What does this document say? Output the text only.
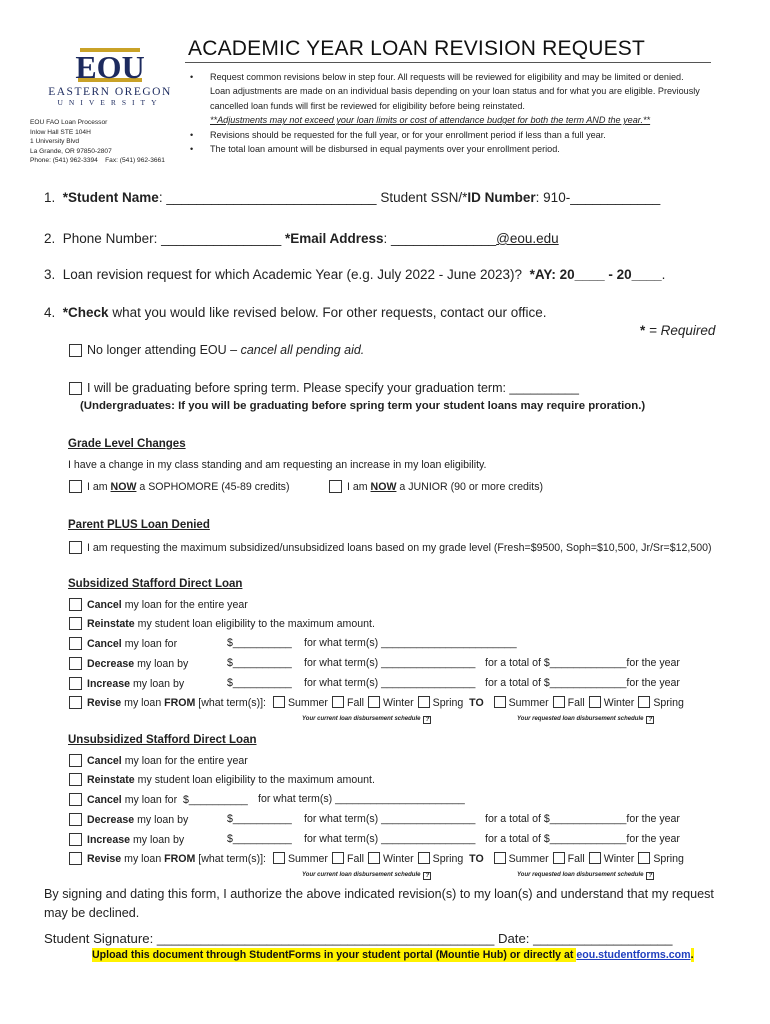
EOU
EASTERN OREGON
UNIVERSITY
EOU FAO Loan Processor
Inlow Hall STE 104H
1 University Blvd
La Grande, OR 97850-2807
Phone: (541) 962-3394    Fax: (541) 962-3661
ACADEMIC YEAR LOAN REVISION REQUEST
• Request common revisions below in step four. All requests will be reviewed for eligibility and may be limited or denied.
Loan adjustments are made on an individual basis depending on your loan status and for what you are eligible. Previously
cancelled loan funds will first be reviewed for eligibility before being reinstated.
**Adjustments may not exceed your loan limits or cost of attendance budget for both the term AND the year.**
• Revisions should be requested for the full year, or for your enrollment period if less than a full year.
• The total loan amount will be disbursed in equal payments over your enrollment period.
1. *Student Name: ____________________________ Student SSN/*ID Number: 910-____________
2. Phone Number: ________________ *Email Address: ______________@eou.edu
3. Loan revision request for which Academic Year (e.g. July 2022 - June 2023)?  *AY: 20____ - 20____.
4. *Check what you would like revised below. For other requests, contact our office.
* = Required
No longer attending EOU – cancel all pending aid.
I will be graduating before spring term. Please specify your graduation term: __________
(Undergraduates: If you will be graduating before spring term your student loans may require proration.)
Grade Level Changes
I have a change in my class standing and am requesting an increase in my loan eligibility.
I am NOW a SOPHOMORE (45-89 credits)	I am NOW a JUNIOR (90 or more credits)
Parent PLUS Loan Denied
I am requesting the maximum subsidized/unsubsidized loans based on my grade level (Fresh=$9500, Soph=$10,500, Jr/Sr=$12,500)
Subsidized Stafford Direct Loan
Cancel my loan for the entire year
Reinstate my student loan eligibility to the maximum amount.
Cancel my loan for	$__________ for what term(s) _______________________
Decrease my loan by	$__________ for what term(s) ________________ for a total of $_____________for the year
Increase my loan by	$__________ for what term(s) ________________ for a total of $_____________for the year
Revise my loan FROM [what term(s)]: Summer Fall Winter Spring TO Summer Fall Winter Spring
Your current loan disbursement schedule ?	Your requested loan disbursement schedule ?
Unsubsidized Stafford Direct Loan
Cancel my loan for the entire year
Reinstate my student loan eligibility to the maximum amount.
Cancel my loan for  $__________ for what term(s) ______________________
Decrease my loan by	$__________ for what term(s) ________________ for a total of $_____________for the year
Increase my loan by	$__________ for what term(s) ________________ for a total of $_____________for the year
Revise my loan FROM [what term(s)]: Summer Fall Winter Spring TO Summer Fall Winter Spring
Your current loan disbursement schedule ?	Your requested loan disbursement schedule ?
By signing and dating this form, I authorize the above indicated revision(s) to my loan(s) and understand that my request
may be declined.
Student Signature: ______________________________________________ Date: ___________________
Upload this document through StudentForms in your student portal (Mountie Hub) or directly at eou.studentforms.com.
